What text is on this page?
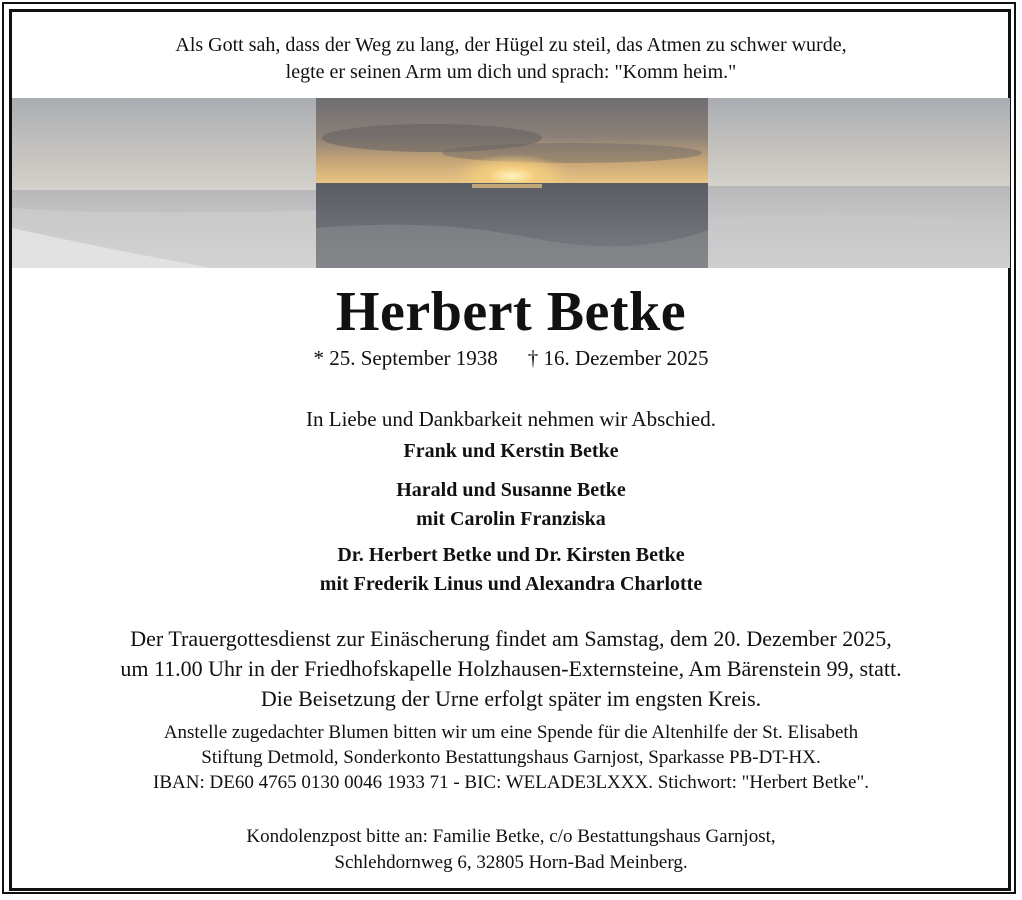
Als Gott sah, dass der Weg zu lang, der Hügel zu steil, das Atmen zu schwer wurde,
legte er seinen Arm um dich und sprach: "Komm heim."
Herbert Betke
* 25. September 1938 † 16. Dezember 2025
In Liebe und Dankbarkeit nehmen wir Abschied.
Frank und Kerstin Betke
Harald und Susanne Betke
mit Carolin Franziska
Dr. Herbert Betke und Dr. Kirsten Betke
mit Frederik Linus und Alexandra Charlotte
Der Trauergottesdienst zur Einäscherung findet am Samstag, dem 20. Dezember 2025,
um 11.00 Uhr in der Friedhofskapelle Holzhausen-Externsteine, Am Bärenstein 99, statt.
Die Beisetzung der Urne erfolgt später im engsten Kreis.
Anstelle zugedachter Blumen bitten wir um eine Spende für die Altenhilfe der St. Elisabeth
Stiftung Detmold, Sonderkonto Bestattungshaus Garnjost, Sparkasse PB-DT-HX.
IBAN: DE60 4765 0130 0046 1933 71 - BIC: WELADE3LXXX. Stichwort: "Herbert Betke".
Kondolenzpost bitte an: Familie Betke, c/o Bestattungshaus Garnjost,
Schlehdornweg 6, 32805 Horn-Bad Meinberg.
